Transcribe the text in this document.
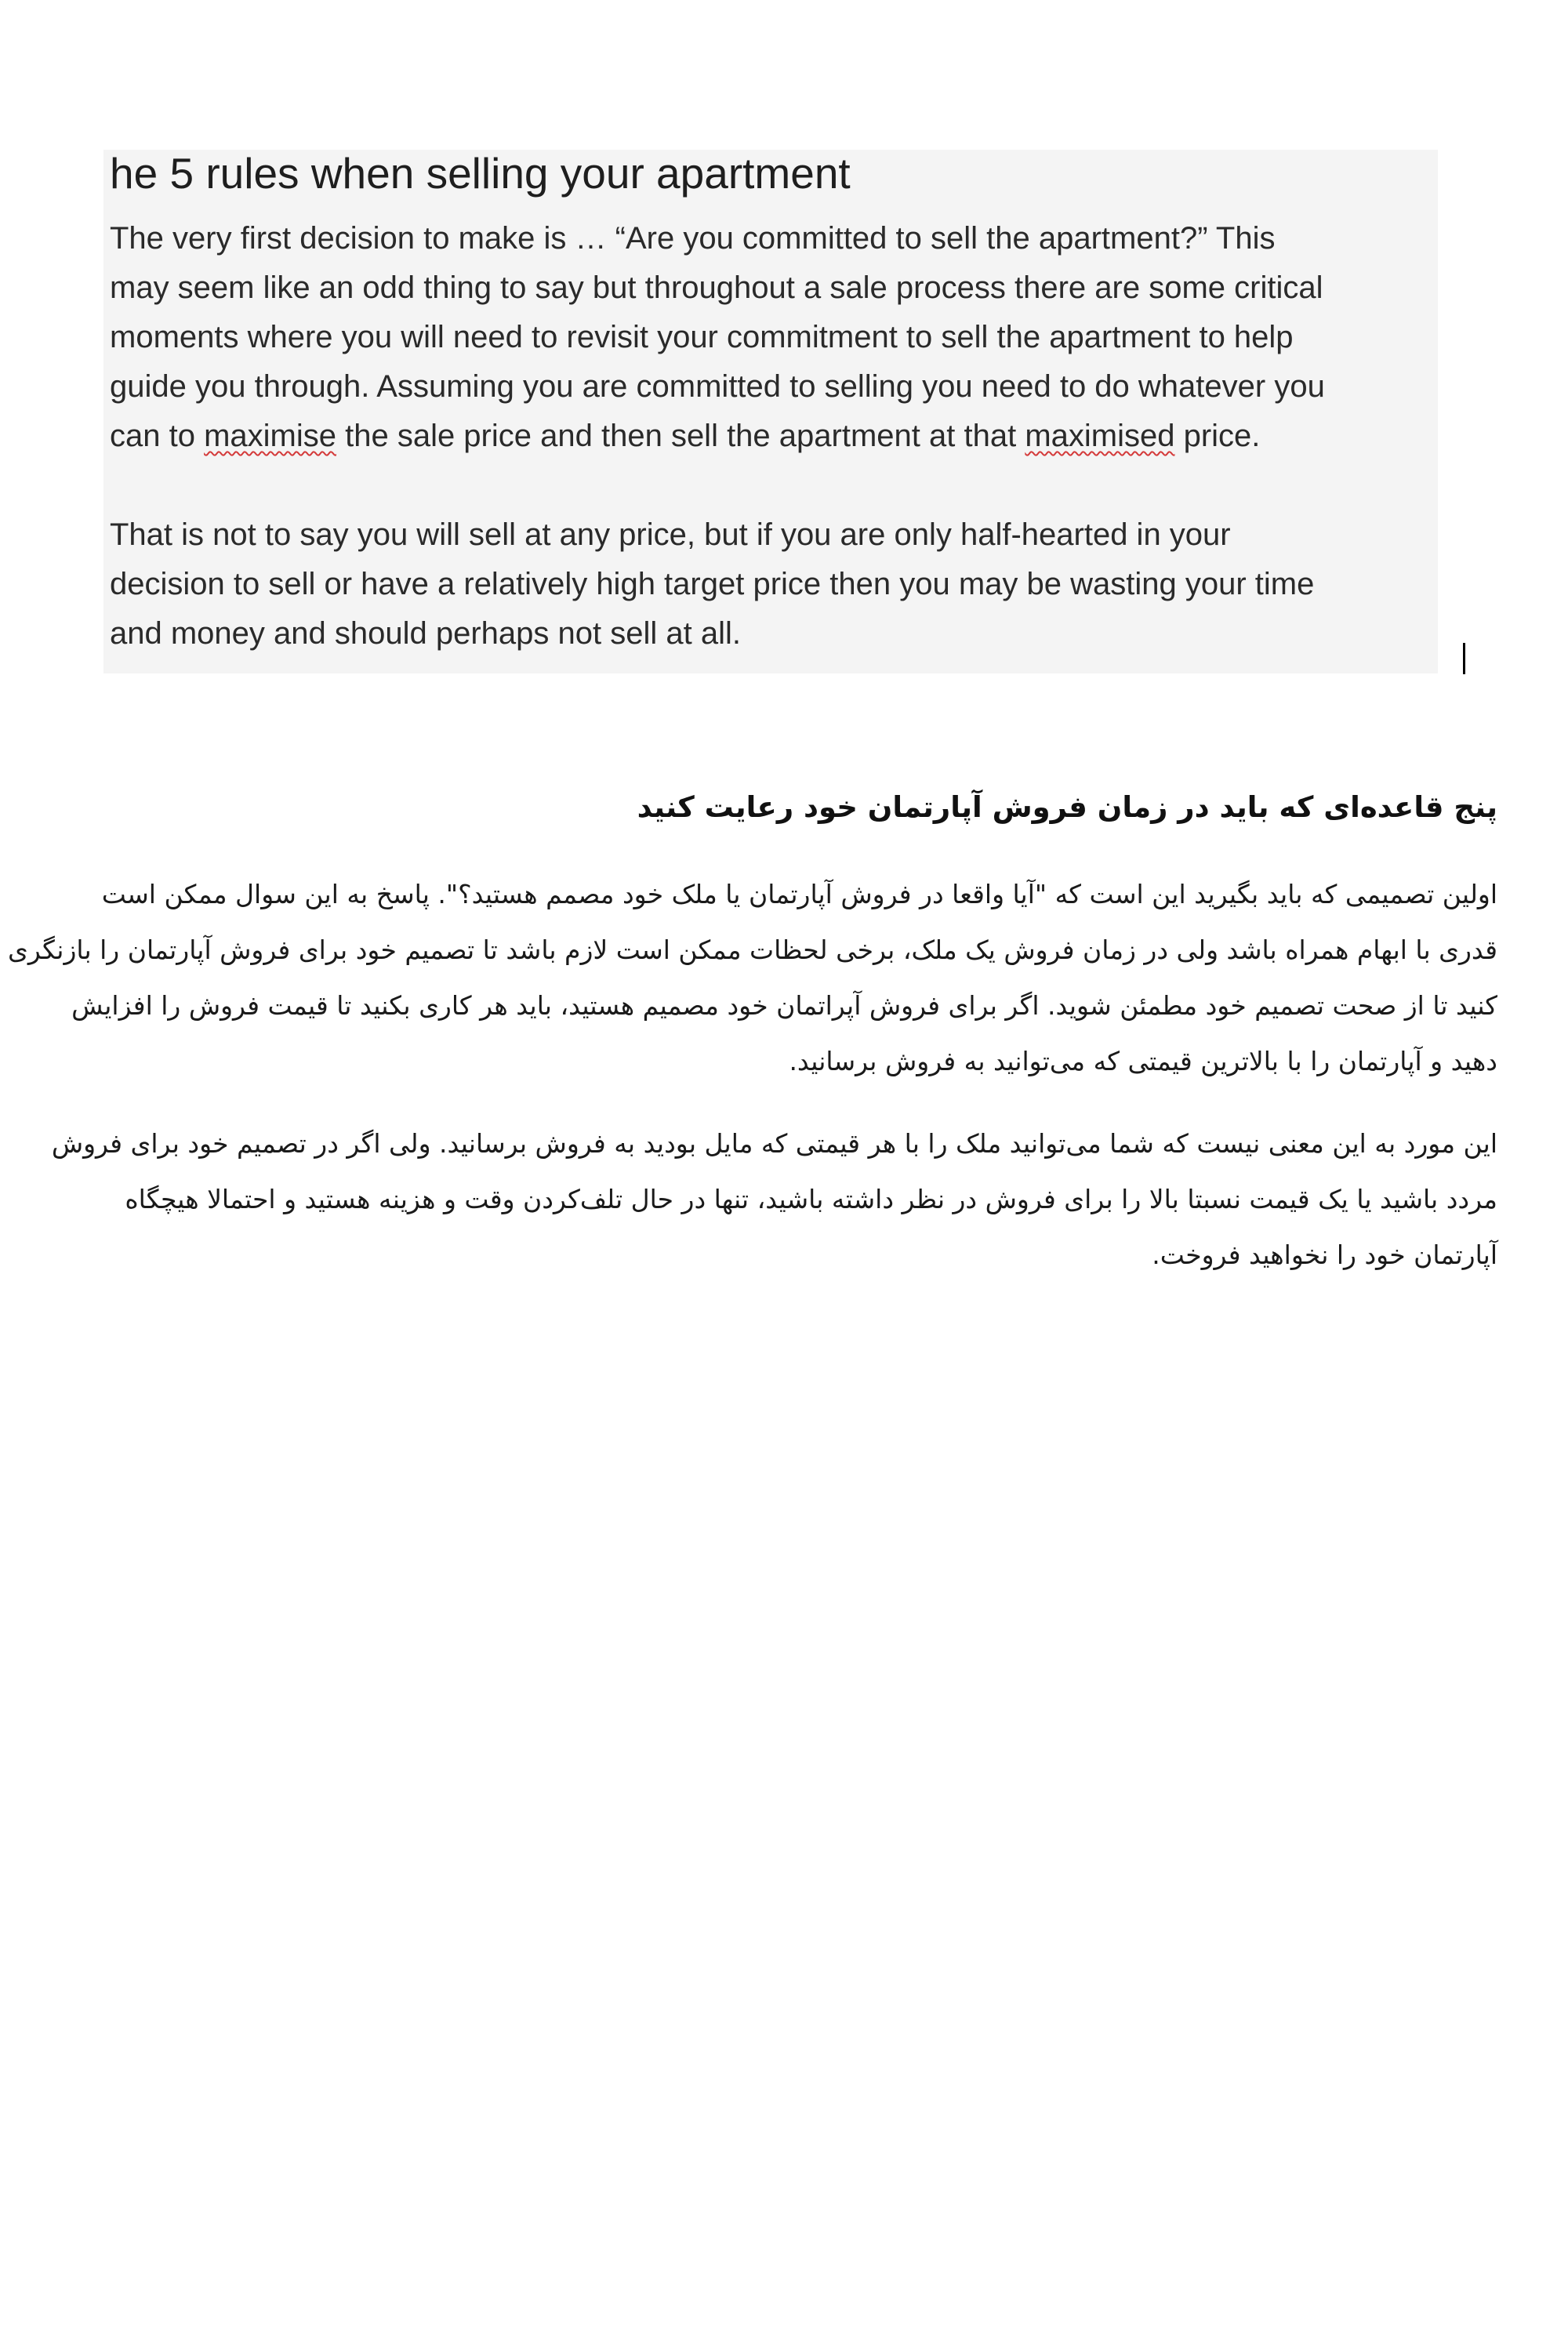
he 5 rules when selling your apartment

The very first decision to make is … “Are you committed to sell the apartment?” This
may seem like an odd thing to say but throughout a sale process there are some critical
moments where you will need to revisit your commitment to sell the apartment to help
guide you through. Assuming you are committed to selling you need to do whatever you
can to maximise the sale price and then sell the apartment at that maximised price.

That is not to say you will sell at any price, but if you are only half-hearted in your
decision to sell or have a relatively high target price then you may be wasting your time
and money and should perhaps not sell at all.

پنج قاعده‌ای که باید در زمان فروش آپارتمان خود رعایت کنید

اولین تصمیمی که باید بگیرید این است که "آیا واقعا در فروش آپارتمان یا ملک خود مصمم هستید؟". پاسخ به این سوال ممکن است
قدری با ابهام همراه باشد ولی در زمان فروش یک ملک، برخی لحظات ممکن است لازم باشد تا تصمیم خود برای فروش آپارتمان را بازنگری
کنید تا از صحت تصمیم خود مطمئن شوید. اگر برای فروش آپراتمان خود مصمیم هستید، باید هر کاری بکنید تا قیمت فروش را افزایش
دهید و آپارتمان را با بالاترین قیمتی که می‌توانید به فروش برسانید.

این مورد به این معنی نیست که شما می‌توانید ملک را با هر قیمتی که مایل بودید به فروش برسانید. ولی اگر در تصمیم خود برای فروش
مردد باشید یا یک قیمت نسبتا بالا را برای فروش در نظر داشته باشید، تنها در حال تلف‌کردن وقت و هزینه هستید و احتمالا هیچگاه
آپارتمان خود را نخواهید فروخت.
